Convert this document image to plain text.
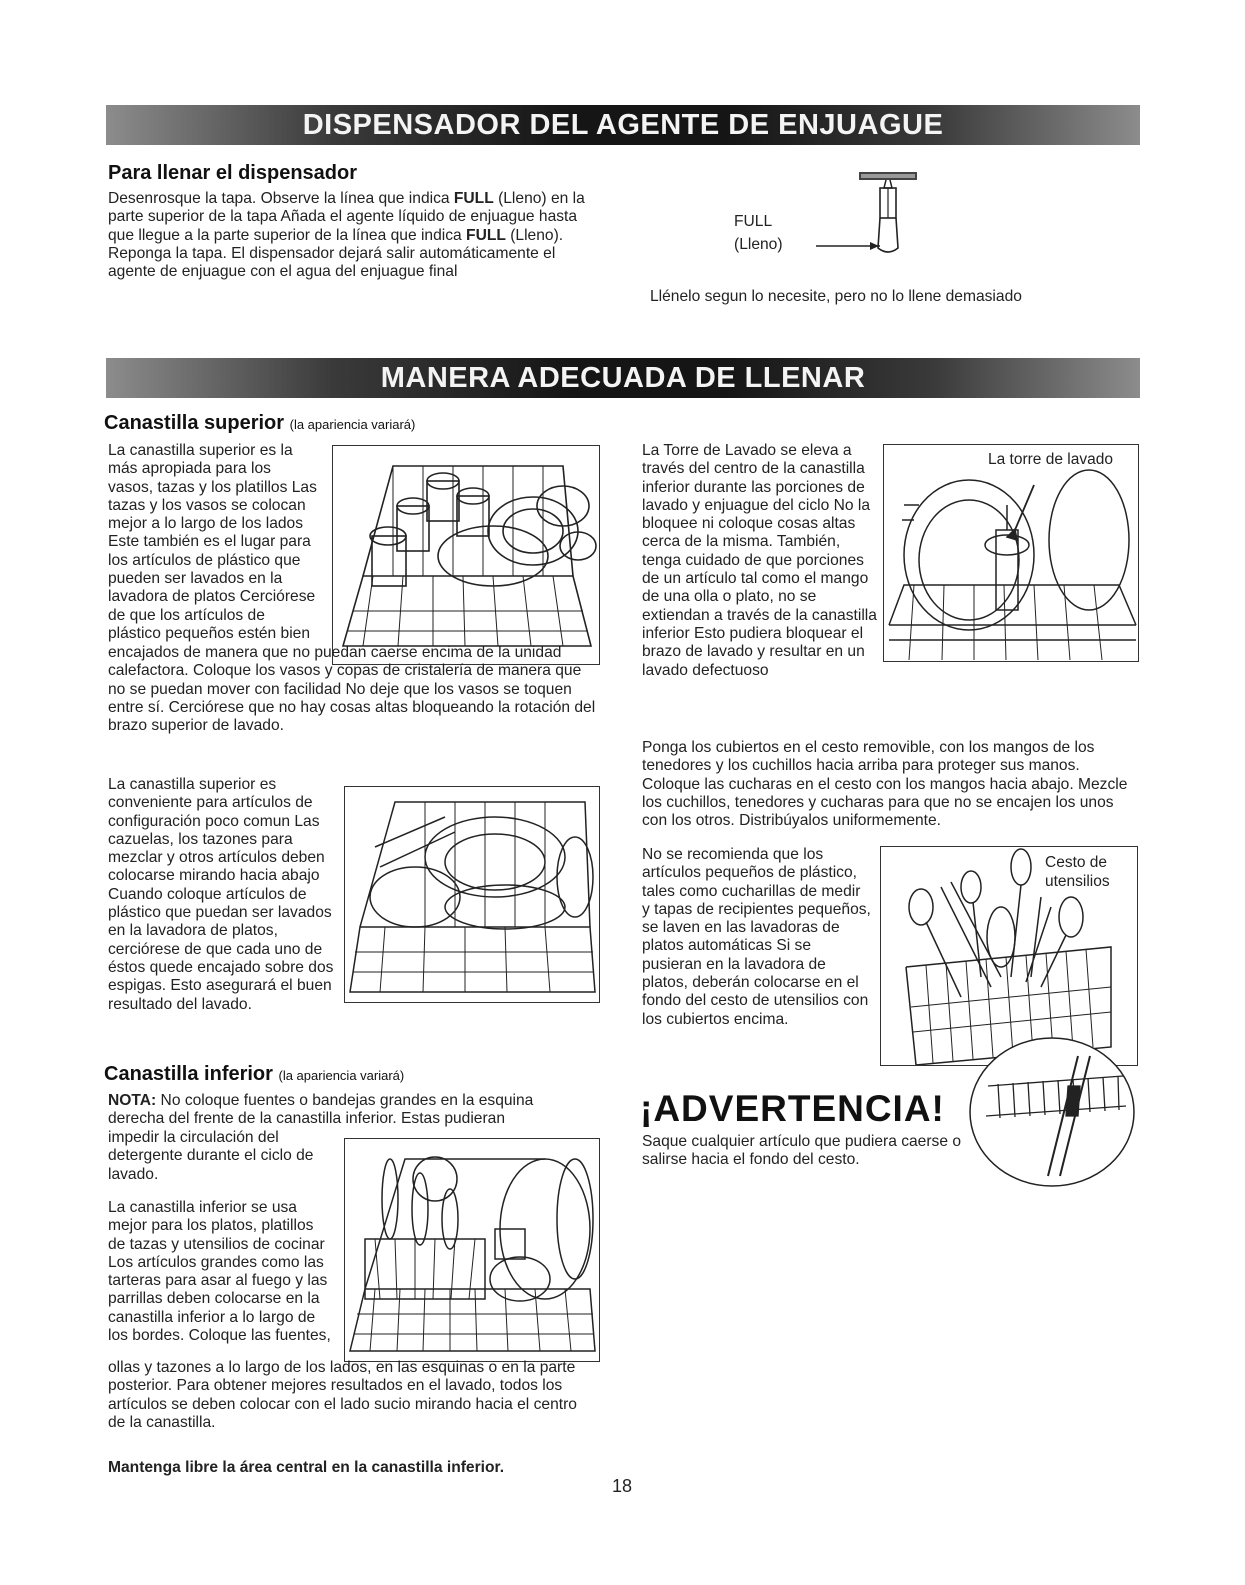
DISPENSADOR DEL AGENTE DE ENJUAGUE
Para llenar el dispensador
Desenrosque la tapa. Observe la línea que indica FULL (Lleno) en la parte superior de la tapa Añada el agente líquido de enjuague hasta que llegue a la parte superior de la línea que indica FULL (Lleno). Reponga la tapa. El dispensador dejará salir automáticamente el agente de enjuague con el agua del enjuague final
FULL
(Lleno)
Llénelo segun lo necesite, pero no lo llene demasiado
MANERA ADECUADA DE LLENAR
Canastilla superior (la apariencia variará)
La canastilla superior es la más apropiada para los vasos, tazas y los platillos Las tazas y los vasos se colocan mejor a lo largo de los lados Este también es el lugar para los artículos de plástico que pueden ser lavados en la lavadora de platos Cerciórese de que los artículos de plástico pequeños estén bien
encajados de manera que no puedan caerse encima de la unidad calefactora. Coloque los vasos y copas de cristalería de manera que no se puedan mover con facilidad No deje que los vasos se toquen entre sí. Cerciórese que no hay cosas altas bloqueando la rotación del brazo superior de lavado.
La canastilla superior es conveniente para artículos de configuración poco comun Las cazuelas, los tazones para mezclar y otros artículos deben colocarse mirando hacia abajo Cuando coloque artículos de plástico que puedan ser lavados en la lavadora de platos, cerciórese de que cada uno de éstos quede encajado sobre dos espigas. Esto asegurará el buen resultado del lavado.
Canastilla inferior (la apariencia variará)
NOTA: No coloque fuentes o bandejas grandes en la esquina derecha del frente de la canastilla inferior. Estas pudieran
impedir la circulación del detergente durante el ciclo de lavado.
La canastilla inferior se usa mejor para los platos, platillos de tazas y utensilios de cocinar Los artículos grandes como las tarteras para asar al fuego y las parrillas deben colocarse en la canastilla inferior a lo largo de los bordes. Coloque las fuentes,
ollas y tazones a lo largo de los lados, en las esquinas o en la parte posterior. Para obtener mejores resultados en el lavado, todos los artículos se deben colocar con el lado sucio mirando hacia el centro de la canastilla.
Mantenga libre la área central en la canastilla inferior.
La Torre de Lavado se eleva a través del centro de la canastilla inferior durante las porciones de lavado y enjuague del ciclo No la bloquee ni coloque cosas altas cerca de la misma. También, tenga cuidado de que porciones de un artículo tal como el mango de una olla o plato, no se extiendan a través de la canastilla inferior Esto pudiera bloquear el brazo de lavado y resultar en un lavado defectuoso
La torre de lavado
Ponga los cubiertos en el cesto removible, con los mangos de los tenedores y los cuchillos hacia arriba para proteger sus manos. Coloque las cucharas en el cesto con los mangos hacia abajo. Mezcle los cuchillos, tenedores y cucharas para que no se encajen los unos con los otros. Distribúyalos uniformemente.
No se recomienda que los artículos pequeños de plástico, tales como cucharillas de medir y tapas de recipientes pequeños, se laven en las lavadoras de platos automáticas Si se pusieran en la lavadora de platos, deberán colocarse en el fondo del cesto de utensilios con los cubiertos encima.
Cesto de
utensilios
¡ADVERTENCIA!
Saque cualquier artículo que pudiera caerse o salirse hacia el fondo del cesto.
18
